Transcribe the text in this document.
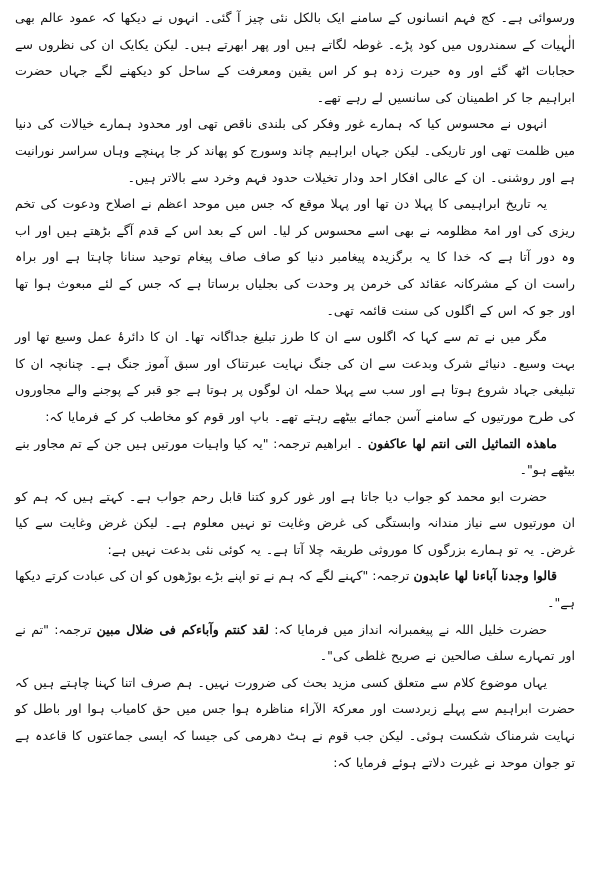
ورسوائی ہے۔ کج فہم انسانوں کے سامنے ایک بالکل نئی چیز آ گئی۔ انہوں نے دیکھا کہ عمود عالم بھی الٰہیات کے سمندروں میں کود پڑے۔ غوطہ لگاتے ہیں اور پھر ابھرتے ہیں۔ لیکن یکایک ان کی نظروں سے حجابات اٹھ گئے اور وہ حیرت زدہ ہو کر اس یقین ومعرفت کے ساحل کو دیکھنے لگے جہاں حضرت ابراہیم جا کر اطمینان کی سانسیں لے رہے تھے۔

انہوں نے محسوس کیا کہ ہمارے غور وفکر کی بلندی ناقص تھی اور محدود ہمارے خیالات کی دنیا میں ظلمت تھی اور تاریکی۔ لیکن جہاں ابراہیم چاند وسورج کو پھاند کر جا پہنچے وہاں سراسر نورانیت ہے اور روشنی۔ ان کے عالی افکار احد ودار تخیلات حدود فہم وخرد سے بالاتر ہیں۔

یہ تاریخ ابراہیمی کا پہلا دن تھا اور پہلا موقع کہ جس میں موحد اعظم نے اصلاح ودعوت کی تخم ریزی کی اور امۃ مظلومہ نے بھی اسے محسوس کر لیا۔ اس کے بعد اس کے قدم آگے بڑھتے ہیں اور اب وہ دور آتا ہے کہ خدا کا یہ برگزیدہ پیغامبر دنیا کو صاف صاف پیغام توحید سنانا چاہتا ہے اور براہ راست ان کے مشرکانہ عقائد کی خرمن پر وحدت کی بجلیاں برساتا ہے کہ جس کے لئے مبعوث ہوا تھا اور جو کہ اس کے اگلوں کی سنت قائمہ تھی۔

مگر میں نے تم سے کہا کہ اگلوں سے ان کا طرز تبلیغ جداگانہ تھا۔ ان کا دائرۂ عمل وسیع تھا اور بہت وسیع۔ دنیائے شرک وبدعت سے ان کی جنگ نہایت عبرتناک اور سبق آموز جنگ ہے۔ چنانچہ ان کا تبلیغی جہاد شروع ہوتا ہے اور سب سے پہلا حملہ ان لوگوں پر ہوتا ہے جو قبر کے پوجنے والے مجاوروں کی طرح مورتیوں کے سامنے آسن جمائے بیٹھے رہتے تھے۔ باپ اور قوم کو مخاطب کر کے فرمایا کہ:

ماھذہ التماثیل التی انتم لھا عاکفون ۔ ابراھیم ترجمہ: "یہ کیا واہیات مورتیں ہیں جن کے تم مجاور بنے بیٹھے ہو"۔

حضرت ابو محمد کو جواب دیا جاتا ہے اور غور کرو کتنا قابل رحم جواب ہے۔ کہتے ہیں کہ ہم کو ان مورتیوں سے نیاز مندانہ وابستگی کی غرض وغایت تو نہیں معلوم ہے۔ لیکن غرض وغایت سے کیا غرض۔ یہ تو ہمارے بزرگوں کا موروثی طریقہ چلا آتا ہے۔ یہ کوئی نئی بدعت نہیں ہے:

قالوا وجدنا آباءنا لھا عابدون ترجمہ: "کہنے لگے کہ ہم نے تو اپنے بڑے بوڑھوں کو ان کی عبادت کرتے دیکھا ہے"۔

حضرت خلیل اللہ نے پیغمبرانہ انداز میں فرمایا کہ: لقد کنتم وآباءکم فی ضلال مبین ترجمہ: "تم نے اور تمہارے سلف صالحین نے صریح غلطی کی"۔

یہاں موضوع کلام سے متعلق کسی مزید بحث کی ضرورت نہیں۔ ہم صرف اتنا کہنا چاہتے ہیں کہ حضرت ابراہیم سے پہلے زبردست اور معرکۃ الآراء مناظرہ ہوا جس میں حق کامیاب ہوا اور باطل کو نہایت شرمناک شکست ہوئی۔ لیکن جب قوم نے ہٹ دھرمی کی جیسا کہ ایسی جماعتوں کا قاعدہ ہے تو جوان موحد نے غیرت دلاتے ہوئے فرمایا کہ:
